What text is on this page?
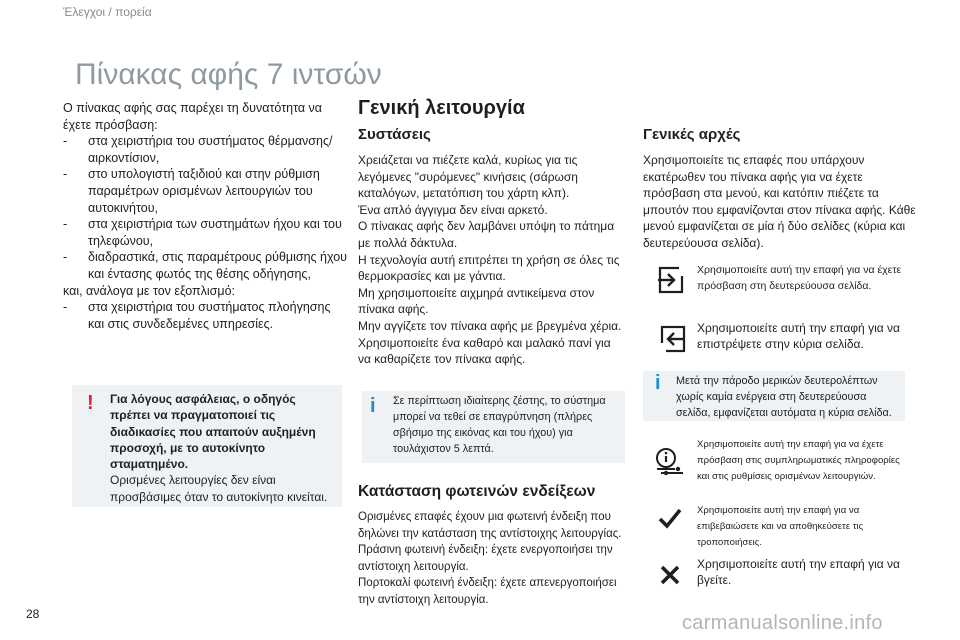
Έλεγχοι / πορεία
Πίνακας αφής 7 ιντσών

Ο πίνακας αφής σας παρέχει τη δυνατότητα να έχετε πρόσβαση:

- στα χειριστήρια του συστήματος θέρμανσης/αιρκοντίσιον,
- στο υπολογιστή ταξιδιού και στην ρύθμιση παραμέτρων ορισμένων λειτουργιών του αυτοκινήτου,
- στα χειριστήρια των συστημάτων ήχου και του τηλεφώνου,
- διαδραστικά, στις παραμέτρους ρύθμισης ήχου και έντασης φωτός της θέσης οδήγησης,

και, ανάλογα με τον εξοπλισμό:

- στα χειριστήρια του συστήματος πλοήγησης και στις συνδεδεμένες υπηρεσίες.
! Για λόγους ασφάλειας, ο οδηγός πρέπει να πραγματοποιεί τις διαδικασίες που απαιτούν αυξημένη προσοχή, με το αυτοκίνητο σταματημένο.
Ορισμένες λειτουργίες δεν είναι προσβάσιμες όταν το αυτοκίνητο κινείται.
Γενική λειτουργία
Συστάσεις
Χρειάζεται να πιέζετε καλά, κυρίως για τις λεγόμενες "συρόμενες" κινήσεις (σάρωση καταλόγων, μετατόπιση του χάρτη κλπ).
Ένα απλό άγγιγμα δεν είναι αρκετό.
Ο πίνακας αφής δεν λαμβάνει υπόψη το πάτημα με πολλά δάκτυλα.
Η τεχνολογία αυτή επιτρέπει τη χρήση σε όλες τις θερμοκρασίες και με γάντια.
Μη χρησιμοποιείτε αιχμηρά αντικείμενα στον πίνακα αφής.
Μην αγγίζετε τον πίνακα αφής με βρεγμένα χέρια.
Χρησιμοποιείτε ένα καθαρό και μαλακό πανί για να καθαρίζετε τον πίνακα αφής.
i Σε περίπτωση ιδιαίτερης ζέστης, το σύστημα μπορεί να τεθεί σε επαγρύπνηση (πλήρες σβήσιμο της εικόνας και του ήχου) για τουλάχιστον 5 λεπτά.
Κατάσταση φωτεινών ενδείξεων
Ορισμένες επαφές έχουν μια φωτεινή ένδειξη που δηλώνει την κατάσταση της αντίστοιχης λειτουργίας.
Πράσινη φωτεινή ένδειξη: έχετε ενεργοποιήσει την αντίστοιχη λειτουργία.
Πορτοκαλί φωτεινή ένδειξη: έχετε απενεργοποιήσει την αντίστοιχη λειτουργία.
Γενικές αρχές
Χρησιμοποιείτε τις επαφές που υπάρχουν εκατέρωθεν του πίνακα αφής για να έχετε πρόσβαση στα μενού, και κατόπιν πιέζετε τα μπουτόν που εμφανίζονται στον πίνακα αφής. Κάθε μενού εμφανίζεται σε μία ή δύο σελίδες (κύρια και δευτερεύουσα σελίδα).
Χρησιμοποιείτε αυτή την επαφή για να έχετε πρόσβαση στη δευτερεύουσα σελίδα.
Χρησιμοποιείτε αυτή την επαφή για να επιστρέψετε στην κύρια σελίδα.
i Μετά την πάροδο μερικών δευτερολέπτων χωρίς καμία ενέργεια στη δευτερεύουσα σελίδα, εμφανίζεται αυτόματα η κύρια σελίδα.
Χρησιμοποιείτε αυτή την επαφή για να έχετε πρόσβαση στις συμπληρωματικές πληροφορίες και στις ρυθμίσεις ορισμένων λειτουργιών.
Χρησιμοποιείτε αυτή την επαφή για να επιβεβαιώσετε και να αποθηκεύσετε τις τροποποιήσεις.
Χρησιμοποιείτε αυτή την επαφή για να βγείτε.
28	carmanualsonline.info
